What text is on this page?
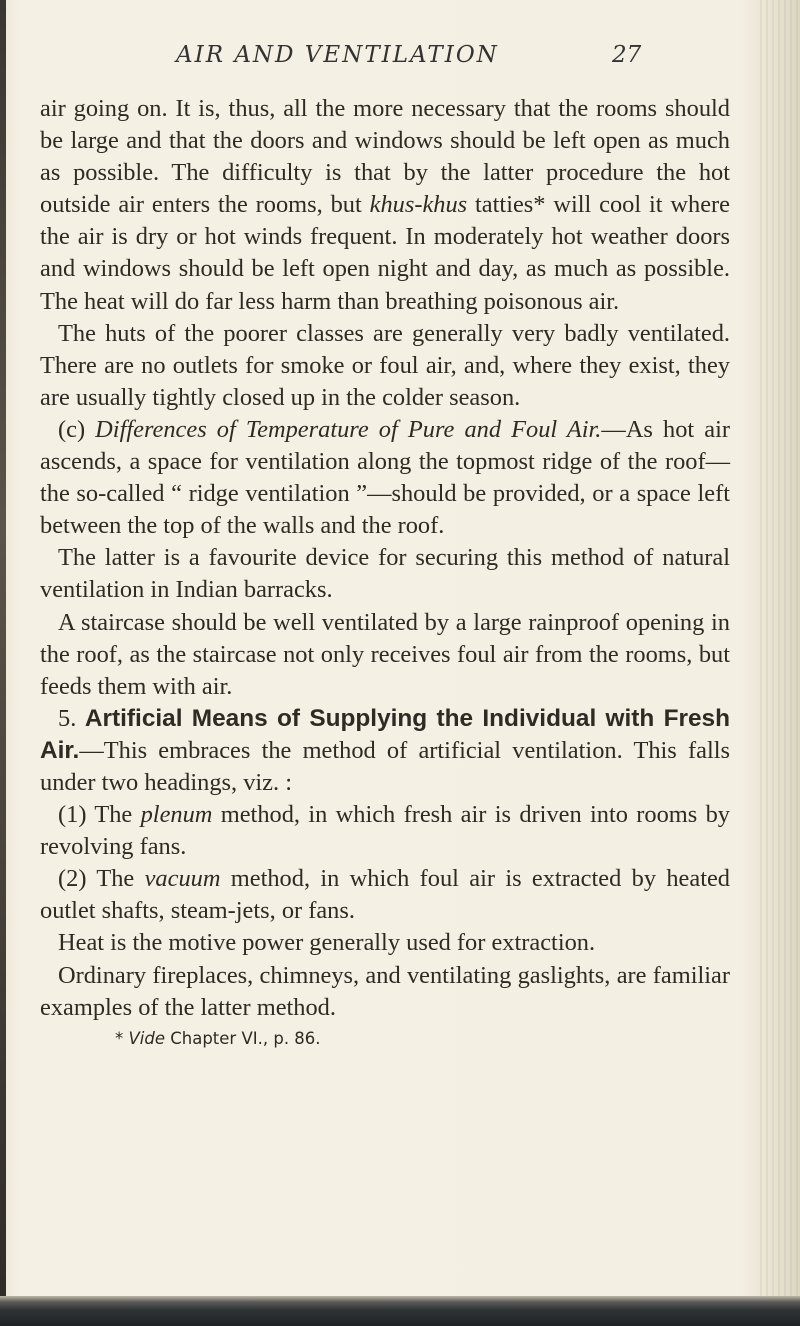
AIR AND VENTILATION	27

air going on. It is, thus, all the more necessary that the rooms should be large and that the doors and windows should be left open as much as possible. The difficulty is that by the latter procedure the hot outside air enters the rooms, but khus-khus tatties* will cool it where the air is dry or hot winds frequent. In moderately hot weather doors and windows should be left open night and day, as much as possible. The heat will do far less harm than breathing poisonous air.

The huts of the poorer classes are generally very badly ventilated. There are no outlets for smoke or foul air, and, where they exist, they are usually tightly closed up in the colder season.

(c) Differences of Temperature of Pure and Foul Air.—As hot air ascends, a space for ventilation along the topmost ridge of the roof—the so-called “ ridge ventilation ”—should be provided, or a space left between the top of the walls and the roof.

The latter is a favourite device for securing this method of natural ventilation in Indian barracks.

A staircase should be well ventilated by a large rainproof opening in the roof, as the staircase not only receives foul air from the rooms, but feeds them with air.

5. Artificial Means of Supplying the Individual with Fresh Air.—This embraces the method of artificial ventilation. This falls under two headings, viz. :

(1) The plenum method, in which fresh air is driven into rooms by revolving fans.

(2) The vacuum method, in which foul air is extracted by heated outlet shafts, steam-jets, or fans.

Heat is the motive power generally used for extraction.

Ordinary fireplaces, chimneys, and ventilating gaslights, are familiar examples of the latter method.

* Vide Chapter VI., p. 86.
